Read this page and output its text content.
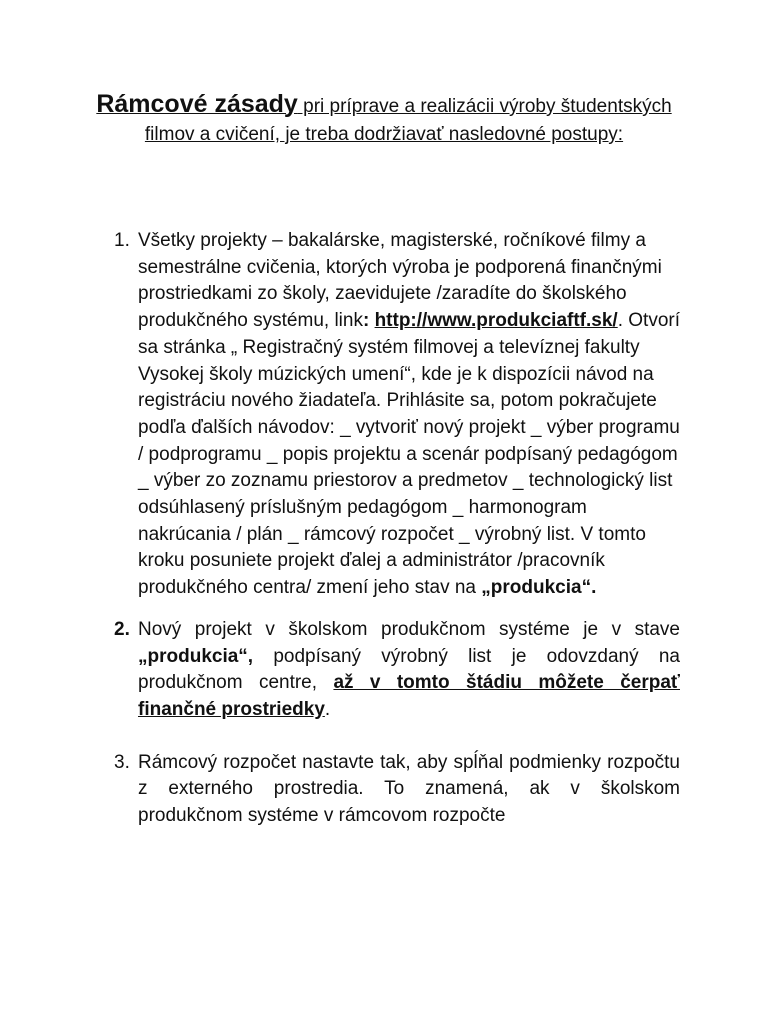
Rámcové zásady pri príprave a realizácii výroby študentských filmov a cvičení, je treba dodržiavať nasledovné postupy:
1. Všetky projekty – bakalárske, magisterské, ročníkové filmy a semestrálne cvičenia, ktorých výroba je podporená finančnými prostriedkami zo školy, zaevidujete /zaradíte do školského produkčného systému, link: http://www.produkciaftf.sk/. Otvorí sa stránka „ Registračný systém filmovej a televíznej fakulty Vysokej školy múzických umení“, kde je k dispozícii návod na registráciu nového žiadateľa. Prihlásite sa, potom pokračujete podľa ďalších návodov: _ vytvoriť nový projekt _ výber programu / podprogramu _ popis projektu a scenár podpísaný pedagógom _ výber zo zoznamu priestorov a predmetov _ technologický list odsúhlasený príslušným pedagógom _ harmonogram nakrúcania / plán _ rámcový rozpočet _ výrobný list. V tomto kroku posuniete projekt ďalej a administrátor /pracovník produkčného centra/ zmení jeho stav na „produkcia“.
2. Nový projekt v školskom produkčnom systéme je v stave „produkcia“, podpísaný výrobný list je odovzdaný na produkčnom centre, až v tomto štádiu môžete čerpať finančné prostriedky.
3. Rámcový rozpočet nastavte tak, aby spĺňal podmienky rozpočtu z externého prostredia. To znamená, ak v školskom produkčnom systéme v rámcovom rozpočte
